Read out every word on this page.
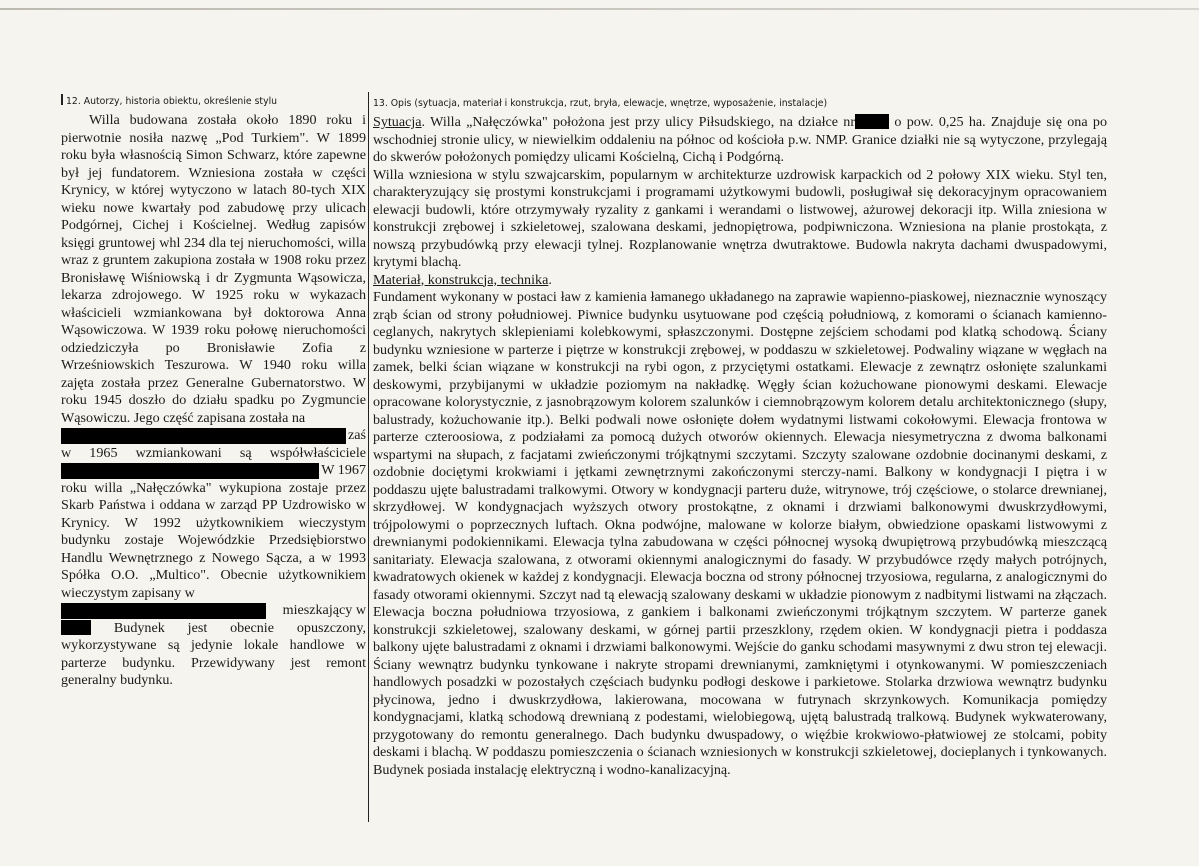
12. Autorzy, historia obiektu, określenie stylu

Willa budowana została około 1890 roku i pierwotnie nosiła nazwę „Pod Turkiem". W 1899 roku była własnością Simon Schwarz, które zapewne był jej fundatorem. Wzniesiona została w części Krynicy, w której wytyczono w latach 80-tych XIX wieku nowe kwartały pod zabudowę przy ulicach Podgórnej, Cichej i Kościelnej. Według zapisów księgi gruntowej whl 234 dla tej nieruchomości, willa wraz z gruntem zakupiona została w 1908 roku przez Bronisławę Wiśniowską i dr Zygmunta Wąsowicza, lekarza zdrojowego. W 1925 roku w wykazach właścicieli wzmiankowana był doktorowa Anna Wąsowiczowa. W 1939 roku połowę nieruchomości odziedziczyła po Bronisławie Zofia z Wrześniowskich Teszurowa. W 1940 roku willa zajęta została przez Generalne Gubernatorstwo. W roku 1945 doszło do działu spadku po Zygmuncie Wąsowiczu. Jego część zapisana została na

zaś

w 1965 wzmiankowani są współwłaściciele

W 1967

roku willa „Nałęczówka" wykupiona zostaje przez Skarb Państwa i oddana w zarząd PP Uzdrowisko w Krynicy. W 1992 użytkownikiem wieczystym budynku zostaje Wojewódzkie Przedsiębiorstwo Handlu Wewnętrznego z Nowego Sącza, a w 1993 Spółka O.O. „Multico". Obecnie użytkownikiem wieczystym zapisany w

mieszkający w

Budynek jest obecnie opuszczony, wykorzystywane są jedynie lokale handlowe w parterze budynku. Przewidywany jest remont generalny budynku.

13. Opis (sytuacja, materiał i konstrukcja, rzut, bryła, elewacje, wnętrze, wyposażenie, instalacje)

Sytuacja. Willa „Nałęczówka" położona jest przy ulicy Piłsudskiego, na działce nr	o pow. 0,25 ha. Znajduje się ona po wschodniej stronie ulicy, w niewielkim oddaleniu na północ od kościoła p.w. NMP. Granice działki nie są wytyczone, przylegają do skwerów położonych pomiędzy ulicami Kościelną, Cichą i Podgórną.

Willa wzniesiona w stylu szwajcarskim, popularnym w architekturze uzdrowisk karpackich od 2 połowy XIX wieku. Styl ten, charakteryzujący się prostymi konstrukcjami i programami użytkowymi budowli, posługiwał się dekoracyjnym opracowaniem elewacji budowli, które otrzymywały ryzality z gankami i werandami o listwowej, ażurowej dekoracji itp. Willa zniesiona w konstrukcji zrębowej i szkieletowej, szalowana deskami, jednopiętrowa, podpiwniczona. Wzniesiona na planie prostokąta, z nowszą przybudówką przy elewacji tylnej. Rozplanowanie wnętrza dwutraktowe. Budowla nakryta dachami dwuspadowymi, krytymi blachą.

Materiał, konstrukcja, technika.

Fundament wykonany w postaci ław z kamienia łamanego układanego na zaprawie wapienno-piaskowej, nieznacznie wynoszący zrąb ścian od strony południowej. Piwnice budynku usytuowane pod częścią południową, z komorami o ścianach kamienno-ceglanych, nakrytych sklepieniami kolebkowymi, spłaszczonymi. Dostępne zejściem schodami pod klatką schodową. Ściany budynku wzniesione w parterze i piętrze w konstrukcji zrębowej, w poddaszu w szkieletowej. Podwaliny wiązane w węgłach na zamek, belki ścian wiązane w konstrukcji na rybi ogon, z przyciętymi ostatkami. Elewacje z zewnątrz osłonięte szalunkami deskowymi, przybijanymi w układzie poziomym na nakładkę. Węgły ścian kożuchowane pionowymi deskami. Elewacje opracowane kolorystycznie, z jasnobrązowym kolorem szalunków i ciemnobrązowym kolorem detalu architektonicznego (słupy, balustrady, kożuchowanie itp.). Belki podwali nowe osłonięte dołem wydatnymi listwami cokołowymi. Elewacja frontowa w parterze czteroosiowa, z podziałami za pomocą dużych otworów okiennych. Elewacja niesymetryczna z dwoma balkonami wspartymi na słupach, z facjatami zwieńczonymi trójkątnymi szczytami. Szczyty szalowane ozdobnie docinanymi deskami, z ozdobnie dociętymi krokwiami i jętkami zewnętrznymi zakończonymi sterczy-nami. Balkony w kondygnacji I piętra i w poddaszu ujęte balustradami tralkowymi. Otwory w kondygnacji parteru duże, witrynowe, trój częściowe, o stolarce drewnianej, skrzydłowej. W kondygnacjach wyższych otwory prostokątne, z oknami i drzwiami balkonowymi dwuskrzydłowymi, trójpolowymi o poprzecznych luftach. Okna podwójne, malowane w kolorze białym, obwiedzione opaskami listwowymi z drewnianymi podokiennikami. Elewacja tylna zabudowana w części północnej wysoką dwupiętrową przybudówką mieszczącą sanitariaty. Elewacja szalowana, z otworami okiennymi analogicznymi do fasady. W przybudówce rzędy małych potrójnych, kwadratowych okienek w każdej z kondygnacji. Elewacja boczna od strony północnej trzyosiowa, regularna, z analogicznymi do fasady otworami okiennymi. Szczyt nad tą elewacją szalowany deskami w układzie pionowym z nadbitymi listwami na złączach. Elewacja boczna południowa trzyosiowa, z gankiem i balkonami zwieńczonymi trójkątnym szczytem. W parterze ganek konstrukcji szkieletowej, szalowany deskami, w górnej partii przeszklony, rzędem okien. W kondygnacji pietra i poddasza balkony ujęte balustradami z oknami i drzwiami balkonowymi. Wejście do ganku schodami masywnymi z dwu stron tej elewacji. Ściany wewnątrz budynku tynkowane i nakryte stropami drewnianymi, zamkniętymi i otynkowanymi. W pomieszczeniach handlowych posadzki w pozostałych częściach budynku podłogi deskowe i parkietowe. Stolarka drzwiowa wewnątrz budynku płycinowa, jedno i dwuskrzydłowa, lakierowana, mocowana w futrynach skrzynkowych. Komunikacja pomiędzy kondygnacjami, klatką schodową drewnianą z podestami, wielobiegową, ujętą balustradą tralkową. Budynek wykwaterowany, przygotowany do remontu generalnego. Dach budynku dwuspadowy, o więźbie krokwiowo-płatwiowej ze stolcami, pobity deskami i blachą. W poddaszu pomieszczenia o ścianach wzniesionych w konstrukcji szkieletowej, docieplanych i tynkowanych. Budynek posiada instalację elektryczną i wodno-kanalizacyjną.
